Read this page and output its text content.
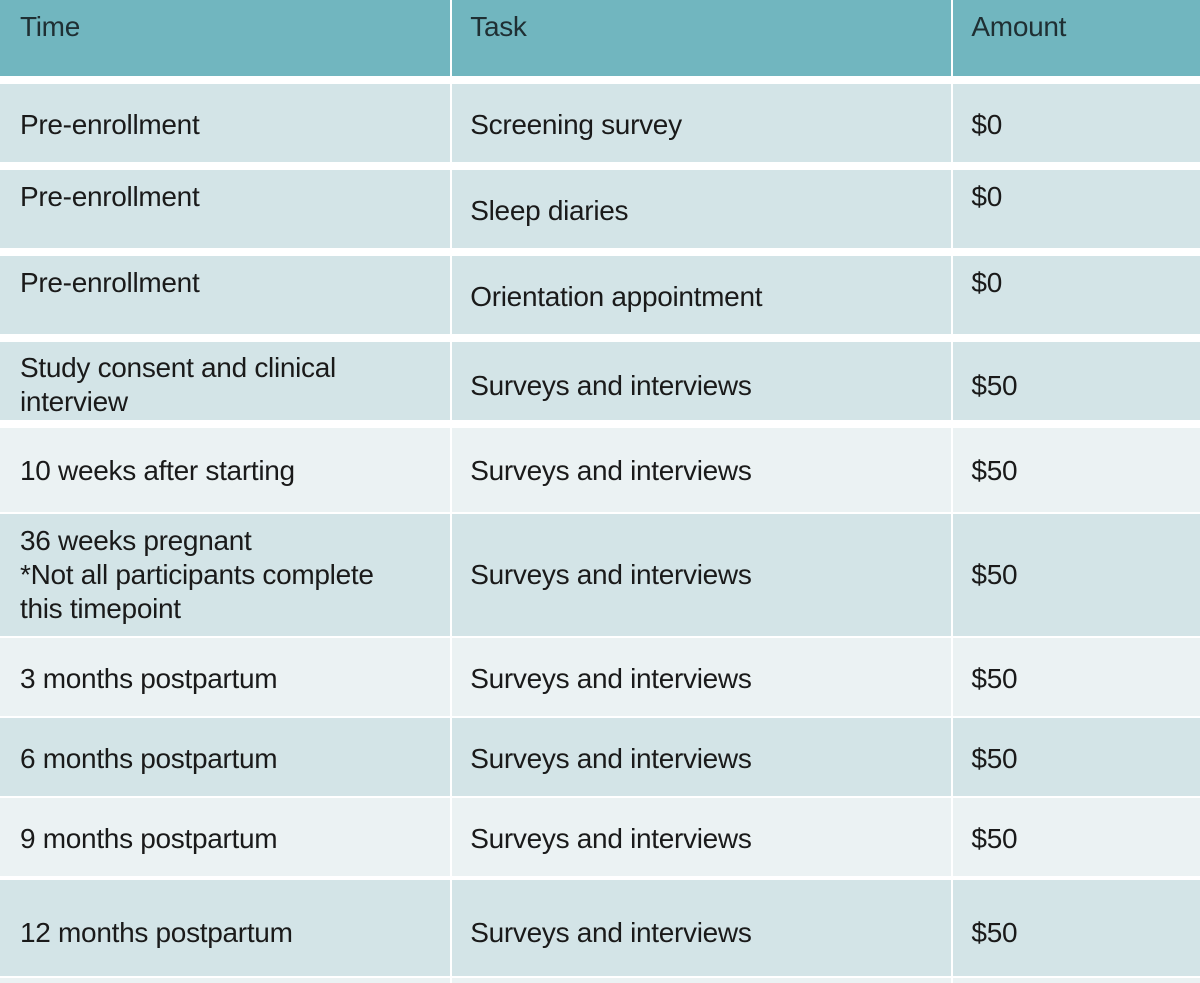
Time	Task	Amount
Pre-enrollment	Screening survey	$0
Pre-enrollment	Sleep diaries	$0
Pre-enrollment	Orientation appointment	$0
Study consent and clinical
interview
Surveys and interviews	$50
10 weeks after starting	Surveys and interviews	$50
36 weeks pregnant
*Not all participants complete
this timepoint
Surveys and interviews	$50
3 months postpartum	Surveys and interviews	$50
6 months postpartum	Surveys and interviews	$50
9 months postpartum	Surveys and interviews	$50
12 months postpartum	Surveys and interviews	$50
